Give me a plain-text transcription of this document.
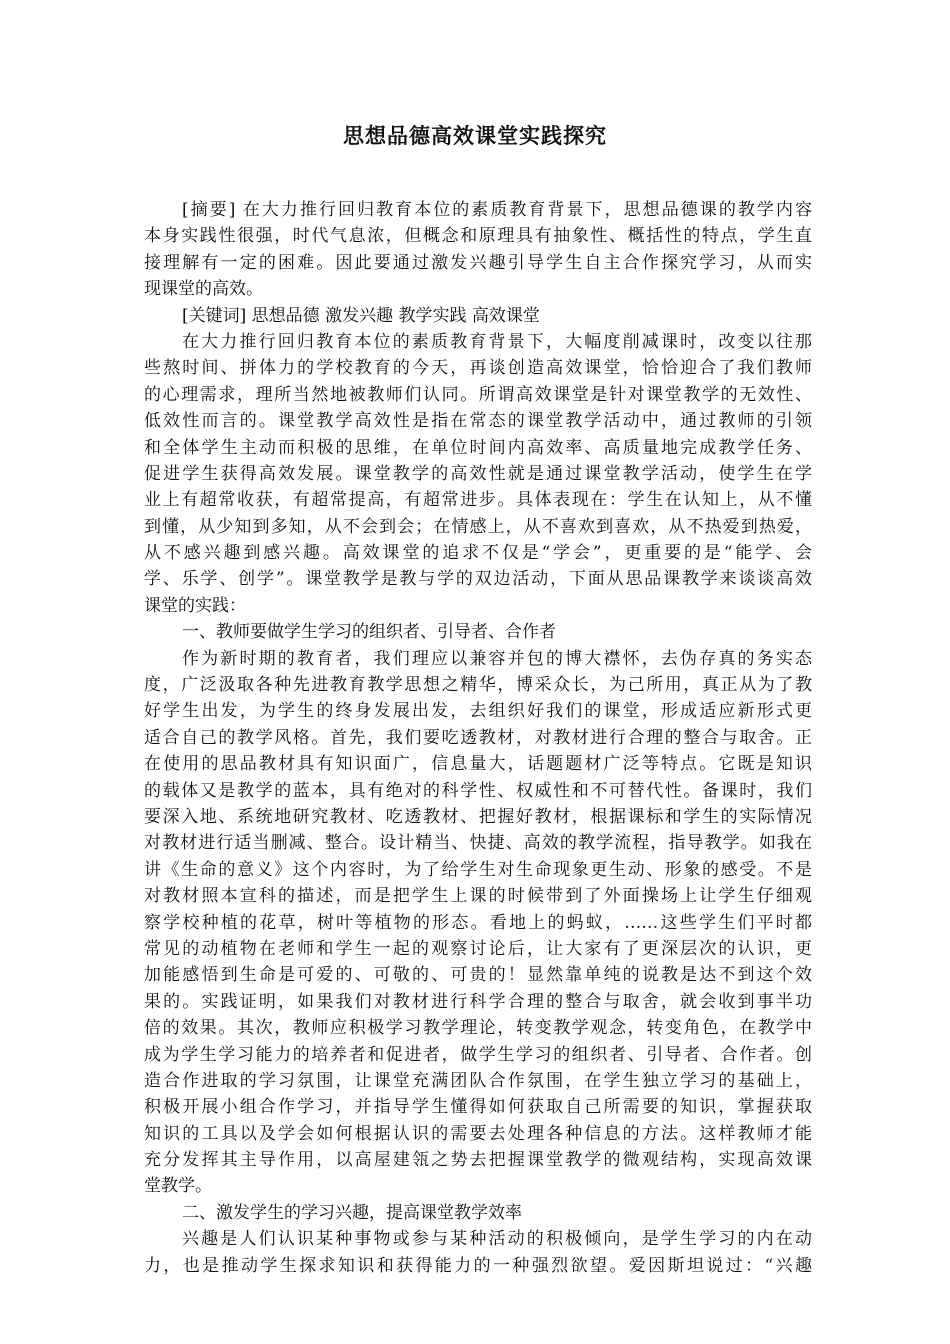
思想品德高效课堂实践探究
[摘要] 在大力推行回归教育本位的素质教育背景下，思想品德课的教学内容
本身实践性很强，时代气息浓，但概念和原理具有抽象性、概括性的特点，学生直
接理解有一定的困难。因此要通过激发兴趣引导学生自主合作探究学习，从而实
现课堂的高效。
[关键词] 思想品德 激发兴趣 教学实践 高效课堂
在大力推行回归教育本位的素质教育背景下，大幅度削减课时，改变以往那
些熬时间、拼体力的学校教育的今天，再谈创造高效课堂，恰恰迎合了我们教师
的心理需求，理所当然地被教师们认同。所谓高效课堂是针对课堂教学的无效性、
低效性而言的。课堂教学高效性是指在常态的课堂教学活动中，通过教师的引领
和全体学生主动而积极的思维，在单位时间内高效率、高质量地完成教学任务、
促进学生获得高效发展。课堂教学的高效性就是通过课堂教学活动，使学生在学
业上有超常收获，有超常提高，有超常进步。具体表现在：学生在认知上，从不懂
到懂，从少知到多知，从不会到会；在情感上，从不喜欢到喜欢，从不热爱到热爱，
从不感兴趣到感兴趣。高效课堂的追求不仅是“学会”，更重要的是“能学、会
学、乐学、创学”。课堂教学是教与学的双边活动，下面从思品课教学来谈谈高效
课堂的实践：
一、教师要做学生学习的组织者、引导者、合作者
作为新时期的教育者，我们理应以兼容并包的博大襟怀，去伪存真的务实态
度，广泛汲取各种先进教育教学思想之精华，博采众长，为己所用，真正从为了教
好学生出发，为学生的终身发展出发，去组织好我们的课堂，形成适应新形式更
适合自己的教学风格。首先，我们要吃透教材，对教材进行合理的整合与取舍。正
在使用的思品教材具有知识面广，信息量大，话题题材广泛等特点。它既是知识
的载体又是教学的蓝本，具有绝对的科学性、权威性和不可替代性。备课时，我们
要深入地、系统地研究教材、吃透教材、把握好教材，根据课标和学生的实际情况
对教材进行适当删减、整合。设计精当、快捷、高效的教学流程，指导教学。如我在
讲《生命的意义》这个内容时，为了给学生对生命现象更生动、形象的感受。不是
对教材照本宣科的描述，而是把学生上课的时候带到了外面操场上让学生仔细观
察学校种植的花草，树叶等植物的形态。看地上的蚂蚁，……这些学生们平时都
常见的动植物在老师和学生一起的观察讨论后，让大家有了更深层次的认识，更
加能感悟到生命是可爱的、可敬的、可贵的！显然靠单纯的说教是达不到这个效
果的。实践证明，如果我们对教材进行科学合理的整合与取舍，就会收到事半功
倍的效果。其次，教师应积极学习教学理论，转变教学观念，转变角色，在教学中
成为学生学习能力的培养者和促进者，做学生学习的组织者、引导者、合作者。创
造合作进取的学习氛围，让课堂充满团队合作氛围，在学生独立学习的基础上，
积极开展小组合作学习，并指导学生懂得如何获取自己所需要的知识，掌握获取
知识的工具以及学会如何根据认识的需要去处理各种信息的方法。这样教师才能
充分发挥其主导作用，以高屋建瓴之势去把握课堂教学的微观结构，实现高效课
堂教学。
二、激发学生的学习兴趣，提高课堂教学效率
兴趣是人们认识某种事物或参与某种活动的积极倾向，是学生学习的内在动
力，也是推动学生探求知识和获得能力的一种强烈欲望。爱因斯坦说过：“兴趣
